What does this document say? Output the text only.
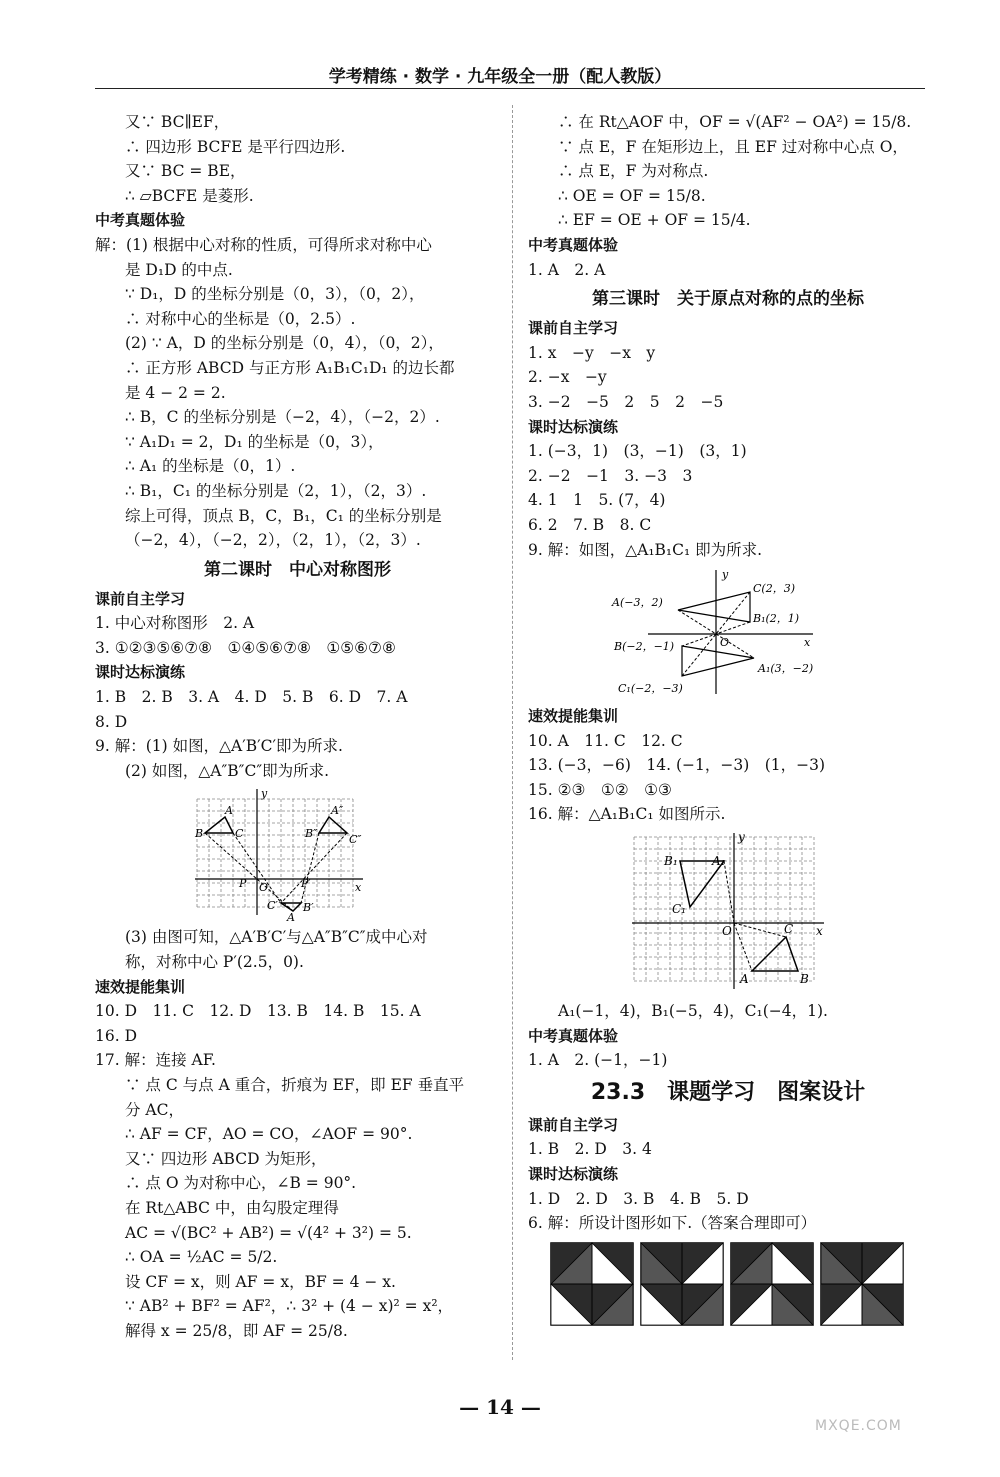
学考精练 · 数学 · 九年级全一册（配人教版）
又∵ BC∥EF，
∴ 四边形 BCFE 是平行四边形.
又∵ BC = BE，
∴ ▱BCFE 是菱形.
中考真题体验
解：(1) 根据中心对称的性质，可得所求对称中心
是 D₁D 的中点.
∵ D₁，D 的坐标分别是（0，3），（0，2），
∴ 对称中心的坐标是（0，2.5）.
(2) ∵ A，D 的坐标分别是（0，4），（0，2），
∴ 正方形 ABCD 与正方形 A₁B₁C₁D₁ 的边长都
是 4 − 2 = 2.
∴ B，C 的坐标分别是（−2，4），（−2，2）.
∵ A₁D₁ = 2，D₁ 的坐标是（0，3），
∴ A₁ 的坐标是（0，1）.
∴ B₁，C₁ 的坐标分别是（2，1），（2，3）.
综上可得，顶点 B，C，B₁，C₁ 的坐标分别是
（−2，4），（−2，2），（2，1），（2，3）.
第二课时　中心对称图形
课前自主学习
1. 中心对称图形　2. A
3. ①②③⑤⑥⑦⑧　①④⑤⑥⑦⑧　①⑤⑥⑦⑧
课时达标演练
1. B　2. B　3. A　4. D　5. B　6. D　7. A
8. D
9. 解：(1) 如图，△A′B′C′即为所求.
(2) 如图，△A″B″C″即为所求.
y
x
O
A
B	C
A″
B″	C″
P	P′
C′ B′
A
(3) 由图可知，△A′B′C′与△A″B″C″成中心对
称，对称中心 P′(2.5，0).
速效提能集训
10. D　11. C　12. D　13. B　14. B　15. A
16. D
17. 解：连接 AF.
∵ 点 C 与点 A 重合，折痕为 EF，即 EF 垂直平
分 AC，
∴ AF = CF，AO = CO，∠AOF = 90°.
又∵ 四边形 ABCD 为矩形，
∴ 点 O 为对称中心，∠B = 90°.
在 Rt△ABC 中，由勾股定理得
AC = √(BC² + AB²) = √(4² + 3²) = 5.
∴ OA = ½AC = 5/2.
设 CF = x，则 AF = x，BF = 4 − x.
∵ AB² + BF² = AF²，∴ 3² + (4 − x)² = x²，
解得 x = 25/8，即 AF = 25/8.
∴ 在 Rt△AOF 中，OF = √(AF² − OA²) = 15/8.
∵ 点 E，F 在矩形边上，且 EF 过对称中心点 O，
∴ 点 E，F 为对称点.
∴ OE = OF = 15/8.
∴ EF = OE + OF = 15/4.
中考真题体验
1. A　2. A
第三课时　关于原点对称的点的坐标
课前自主学习
1. x　−y　−x　y
2. −x　−y
3. −2　−5　2　5　2　−5
课时达标演练
1. (−3，1)　(3，−1)　(3，1)
2. −2　−1　3. −3　3
4. 1　1　5. (7，4)
6. 2　7. B　8. C
9. 解：如图，△A₁B₁C₁ 即为所求.
y
x
O
A(−3，2)
C(2，3)
B₁(2，1)
B(−2，−1)
A₁(3，−2)
C₁(−2，−3)
速效提能集训
10. A　11. C　12. C
13. (−3，−6)　14. (−1，−3)　(1，−3)
15. ②③　①②　①③
16. 解：△A₁B₁C₁ 如图所示.
y
x
O
B₁	A₁
C₁
C
A	B
A₁(−1，4)，B₁(−5，4)，C₁(−4，1).
中考真题体验
1. A　2. (−1，−1)
23.3　课题学习　图案设计
课前自主学习
1. B　2. D　3. 4
课时达标演练
1. D　2. D　3. B　4. B　5. D
6. 解：所设计图形如下.（答案合理即可）
— 14 —
MXQE.COM
